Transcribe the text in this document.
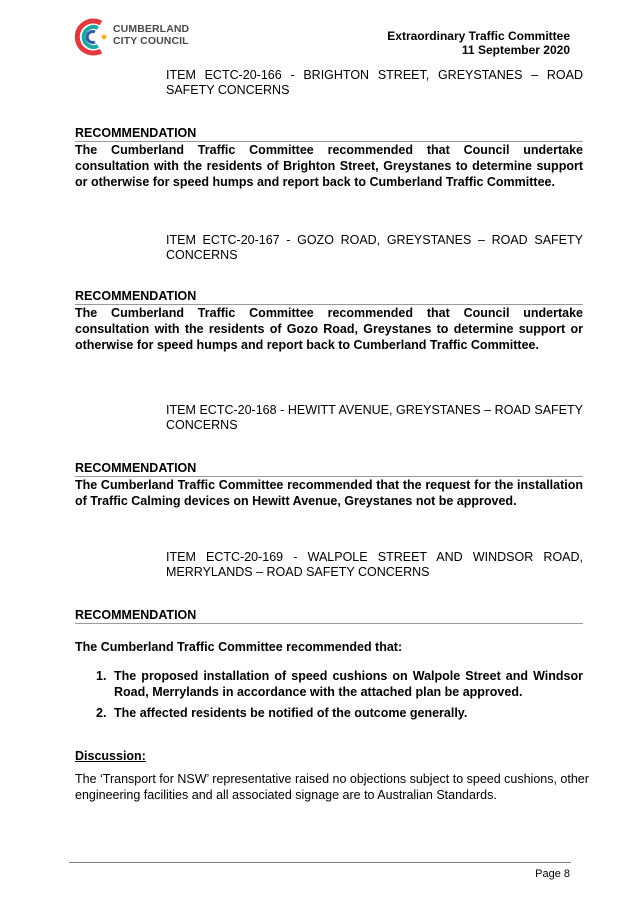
CUMBERLAND
CITY COUNCIL	Extraordinary Traffic Committee
11 September 2020
ITEM ECTC-20-166 - BRIGHTON STREET, GREYSTANES – ROAD SAFETY CONCERNS
RECOMMENDATION
The Cumberland Traffic Committee recommended that Council undertake consultation with the residents of Brighton Street, Greystanes to determine support or otherwise for speed humps and report back to Cumberland Traffic Committee.
ITEM ECTC-20-167 - GOZO ROAD, GREYSTANES – ROAD SAFETY CONCERNS
RECOMMENDATION
The Cumberland Traffic Committee recommended that Council undertake consultation with the residents of Gozo Road, Greystanes to determine support or otherwise for speed humps and report back to Cumberland Traffic Committee.
ITEM ECTC-20-168 - HEWITT AVENUE, GREYSTANES – ROAD SAFETY CONCERNS
RECOMMENDATION
The Cumberland Traffic Committee recommended that the request for the installation of Traffic Calming devices on Hewitt Avenue, Greystanes not be approved.
ITEM ECTC-20-169 - WALPOLE STREET AND WINDSOR ROAD, MERRYLANDS – ROAD SAFETY CONCERNS
RECOMMENDATION
The Cumberland Traffic Committee recommended that:
1. The proposed installation of speed cushions on Walpole Street and Windsor Road, Merrylands in accordance with the attached plan be approved.
2. The affected residents be notified of the outcome generally.
Discussion:
The ‘Transport for NSW’ representative raised no objections subject to speed cushions, other engineering facilities and all associated signage are to Australian Standards.
Page 8
